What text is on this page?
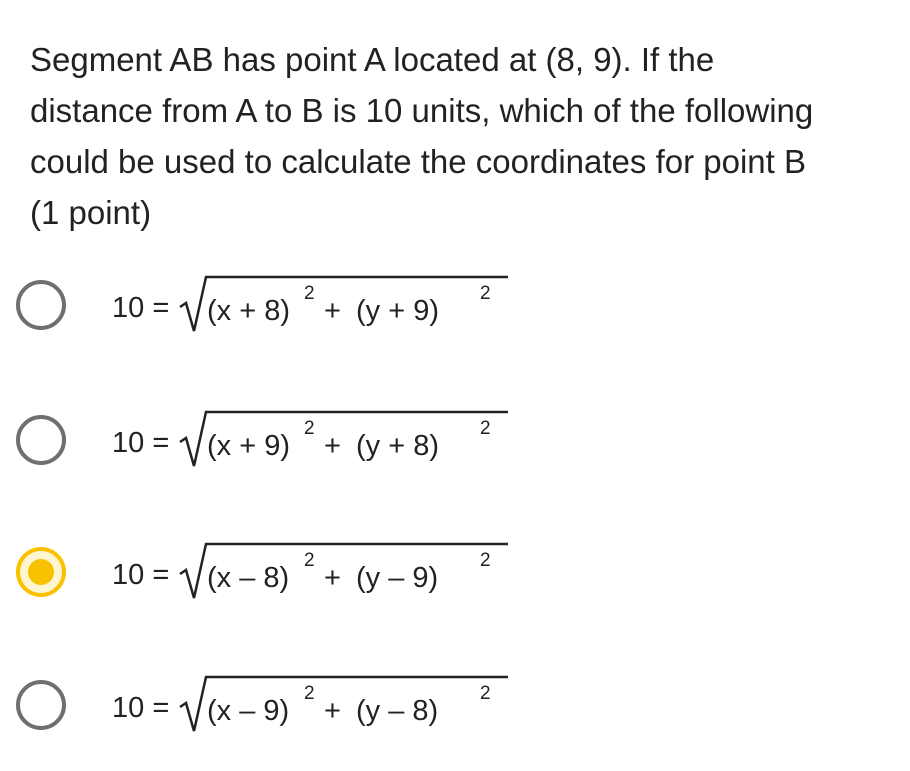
Segment AB has point A located at (8, 9). If the
distance from A to B is 10 units, which of the following
could be used to calculate the coordinates for point B
(1 point)
10 = (x + 8)
2
+ (y + 9)
2
10 = (x + 9)
2
+ (y + 8)
2
10 = (x – 8)
2
+ (y – 9)
2
10 = (x – 9)
2
+ (y – 8)
2
